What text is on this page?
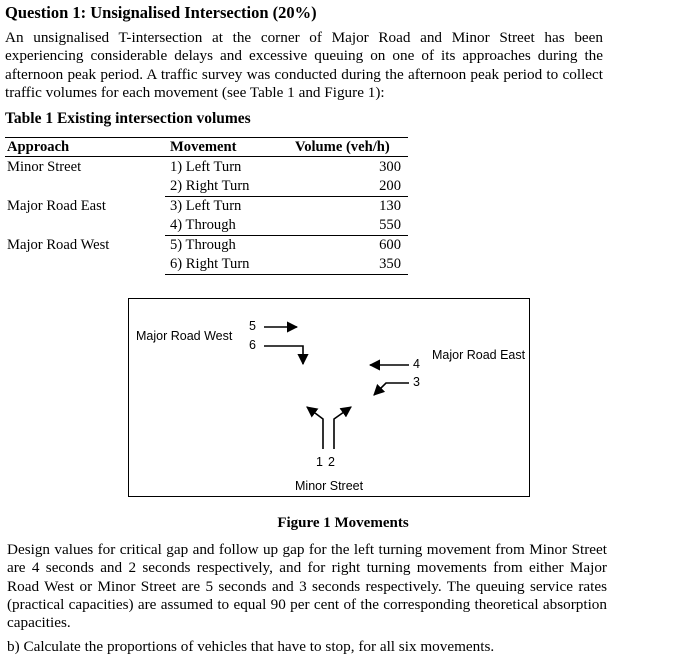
Question 1: Unsignalised Intersection (20%)
An unsignalised T-intersection at the corner of Major Road and Minor Street has been experiencing considerable delays and excessive queuing on one of its approaches during the afternoon peak period. A traffic survey was conducted during the afternoon peak period to collect traffic volumes for each movement (see Table 1 and Figure 1):
Table 1 Existing intersection volumes
Approach	Movement	Volume (veh/h)
Minor Street	1) Left Turn	300
2) Right Turn	200
Major Road East	3) Left Turn	130
4) Through	550
Major Road West	5) Through	600
6) Right Turn	350
Major Road West
Major Road East
Minor Street
5
6
4
3
1 2
Figure 1 Movements
Design values for critical gap and follow up gap for the left turning movement from Minor Street are 4 seconds and 2 seconds respectively, and for right turning movements from either Major Road West or Minor Street are 5 seconds and 3 seconds respectively. The queuing service rates (practical capacities) are assumed to equal 90 per cent of the corresponding theoretical absorption capacities.
b) Calculate the proportions of vehicles that have to stop, for all six movements.
